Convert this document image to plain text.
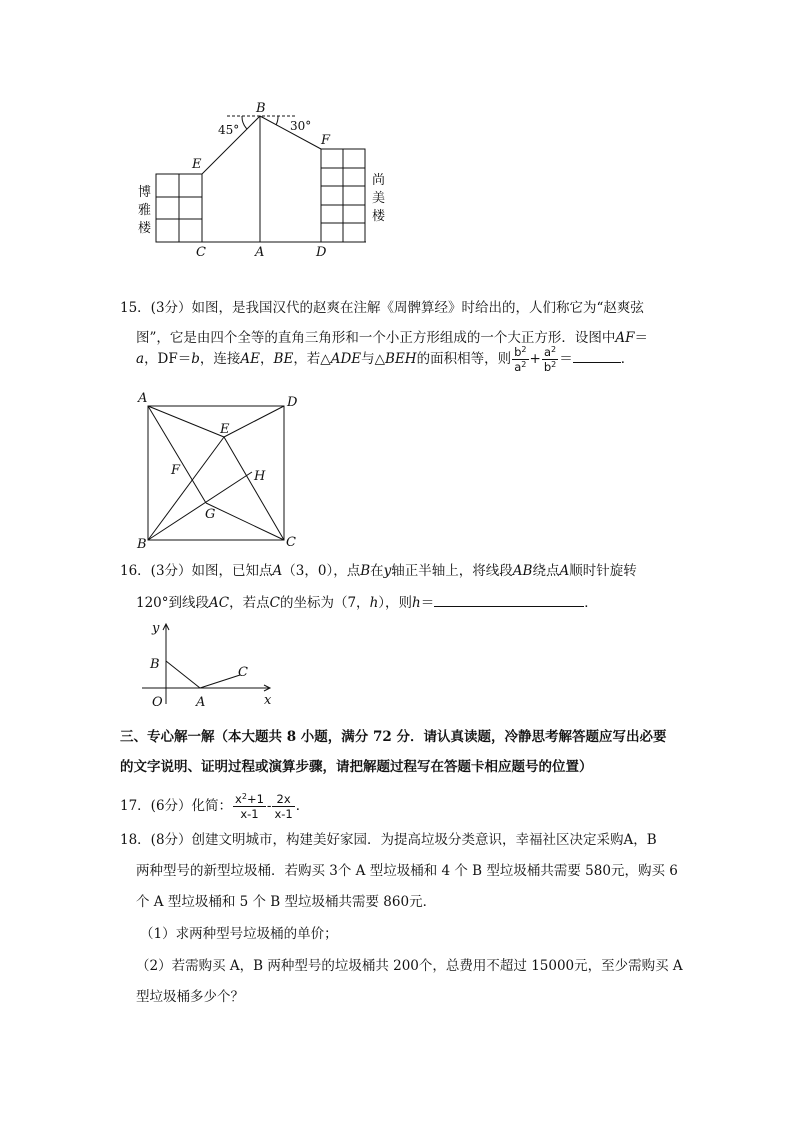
B
E
F
C	A	D
45°	30°
博
雅
楼
尚
美
楼
15．(3分）如图，是我国汉代的赵爽在注解《周髀算经》时给出的，人们称它为“赵爽弦
图”，它是由四个全等的直角三角形和一个小正方形组成的一个大正方形．设图中AF＝
a，DF＝b，连接AE，BE，若△ADE与△BEH的面积相等，则 $\frac{b^2}{a^2} + \frac{a^2}{b^2}$ ＝	．
A	D
E
F	H
G
B	C
16．(3分）如图，已知点A（3，0），点B在y轴正半轴上，将线段AB绕点A顺时针旋转
120°到线段AC，若点C的坐标为（7，h），则h＝	．
y
x
B
O	A
C
三、专心解一解（本大题共 8 小题，满分 72 分．请认真读题，冷静思考解答题应写出必要
的文字说明、证明过程或演算步骤，请把解题过程写在答题卡相应题号的位置）
17．(6分）化简： $\frac{x^2+1}{x-1} - \frac{2x}{x-1}$ ．
18．(8分）创建文明城市，构建美好家园．为提高垃圾分类意识，幸福社区决定采购A，B
两种型号的新型垃圾桶．若购买 3个 A 型垃圾桶和 4 个 B 型垃圾桶共需要 580元，购买 6
个 A 型垃圾桶和 5 个 B 型垃圾桶共需要 860元．
（1）求两种型号垃圾桶的单价；
（2）若需购买 A，B 两种型号的垃圾桶共 200个，总费用不超过 15000元，至少需购买 A
型垃圾桶多少个？
